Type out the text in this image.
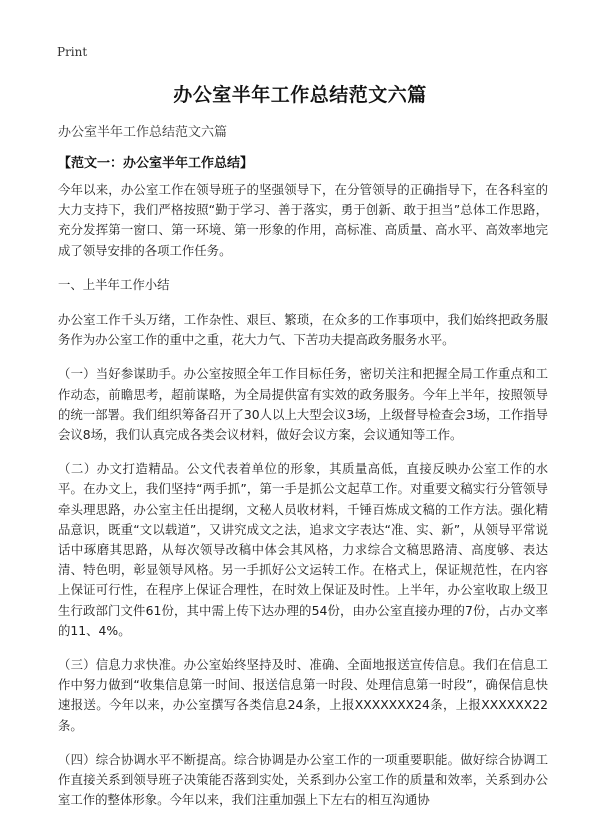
Print
办公室半年工作总结范文六篇
办公室半年工作总结范文六篇
【范文一：办公室半年工作总结】

今年以来，办公室工作在领导班子的坚强领导下，在分管领导的正确指导下，在各科室的大力支持下，我们严格按照“勤于学习、善于落实，勇于创新、敢于担当”总体工作思路，充分发挥第一窗口、第一环境、第一形象的作用，高标准、高质量、高水平、高效率地完成了领导安排的各项工作任务。

一、上半年工作小结

办公室工作千头万绪，工作杂性、艰巨、繁琐，在众多的工作事项中，我们始终把政务服务作为办公室工作的重中之重，花大力气、下苦功夫提高政务服务水平。

（一）当好参谋助手。办公室按照全年工作目标任务，密切关注和把握全局工作重点和工作动态，前瞻思考，超前谋略，为全局提供富有实效的政务服务。今年上半年，按照领导的统一部署。我们组织筹备召开了30人以上大型会议3场，上级督导检查会3场，工作指导会议8场，我们认真完成各类会议材料，做好会议方案，会议通知等工作。

（二）办文打造精品。公文代表着单位的形象，其质量高低，直接反映办公室工作的水平。在办文上，我们坚持“两手抓”，第一手是抓公文起草工作。对重要文稿实行分管领导牵头理思路，办公室主任出提纲，文秘人员收材料，千锤百炼成文稿的工作方法。强化精品意识，既重“文以载道”，又讲究成文之法，追求文字表达“准、实、新”，从领导平常说话中琢磨其思路，从每次领导改稿中体会其风格，力求综合文稿思路清、高度够、表达清、特色明，彰显领导风格。另一手抓好公文运转工作。在格式上，保证规范性，在内容上保证可行性，在程序上保证合理性，在时效上保证及时性。上半年，办公室收取上级卫生行政部门文件61份，其中需上传下达办理的54份，由办公室直接办理的7份，占办文率的11、4%。

（三）信息力求快准。办公室始终坚持及时、准确、全面地报送宣传信息。我们在信息工作中努力做到“收集信息第一时间、报送信息第一时段、处理信息第一时段”，确保信息快速报送。今年以来，办公室撰写各类信息24条，上报XXXXXXX24条，上报XXXXXX22条。

（四）综合协调水平不断提高。综合协调是办公室工作的一项重要职能。做好综合协调工作直接关系到领导班子决策能否落到实处，关系到办公室工作的质量和效率，关系到办公室工作的整体形象。今年以来，我们注重加强上下左右的相互沟通协
